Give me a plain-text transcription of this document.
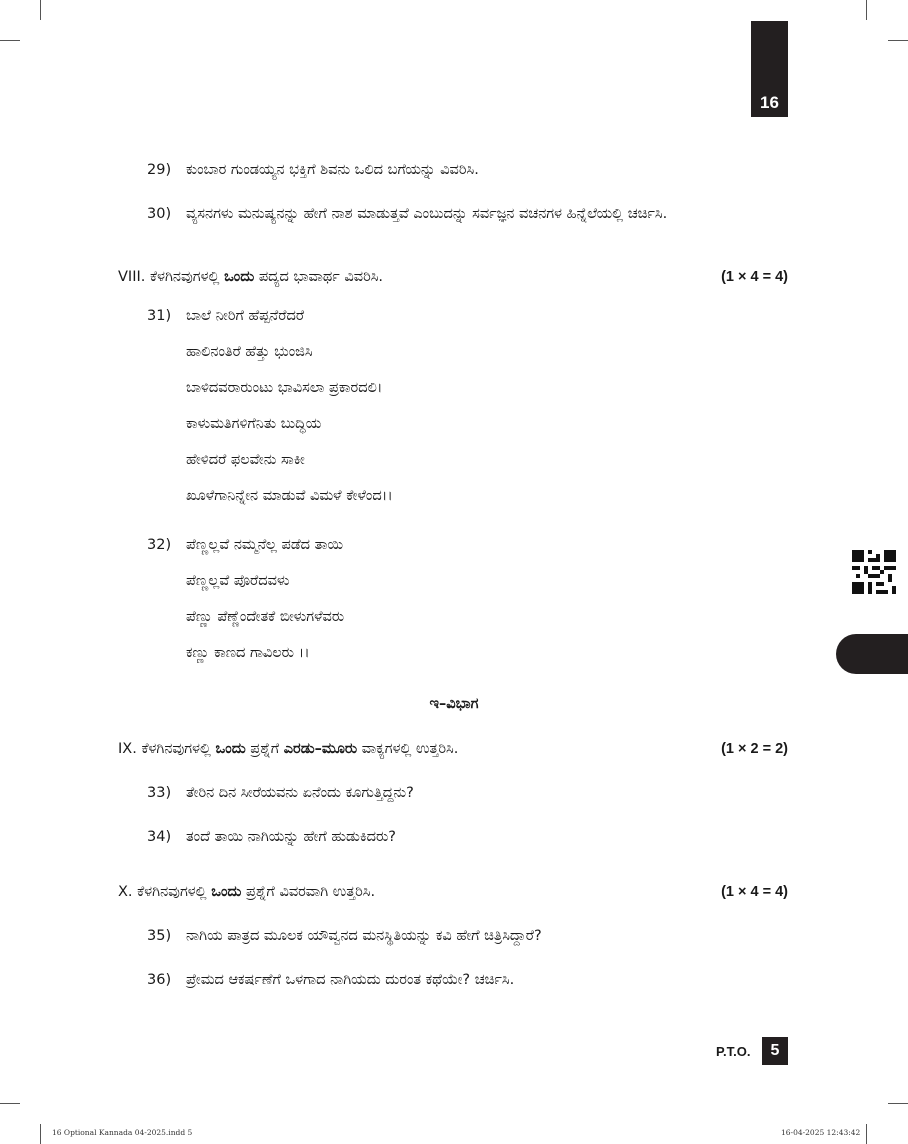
16
29) ಕುಂಬಾರ ಗುಂಡಯ್ಯನ ಭಕ್ತಿಗೆ ಶಿವನು ಒಲಿದ ಬಗೆಯನ್ನು ವಿವರಿಸಿ.
30) ವ್ಯಸನಗಳು ಮನುಷ್ಯನನ್ನು ಹೇಗೆ ನಾಶ ಮಾಡುತ್ತವೆ ಎಂಬುದನ್ನು ಸರ್ವಜ್ಞನ ವಚನಗಳ ಹಿನ್ನೆಲೆಯಲ್ಲಿ ಚರ್ಚಿಸಿ.
VIII. ಕೆಳಗಿನವುಗಳಲ್ಲಿ ಒಂದು ಪದ್ಯದ ಭಾವಾರ್ಥ ವಿವರಿಸಿ.	(1 × 4 = 4)
31) ಬಾಲೆ ನೀರಿಗೆ ಹೆಪ್ಪನೆರೆದರೆ
ಹಾಲಿನಂತಿರೆ ಹೆತ್ತು ಭುಂಜಿಸಿ
ಬಾಳಿದವರಾರುಂಟು ಭಾವಿಸಲಾ ಪ್ರಕಾರದಲಿ।
ಕಾಳುಮತಿಗಳಿಗೆನಿತು ಬುದ್ಧಿಯ
ಹೇಳಿದರೆ ಫಲವೇನು ಸಾಕೀ
ಖೂಳೆಗಾನಿನ್ನೇನ ಮಾಡುವೆ ವಿಮಳೆ ಕೇಳೆಂದ।।
32) ಪೆಣ್ಣಲ್ಲವೆ ನಮ್ಮನೆಲ್ಲ ಪಡೆದ ತಾಯಿ
ಪೆಣ್ಣಲ್ಲವೆ ಪೊರೆದವಳು
ಪೆಣ್ಣು ಪೆಣ್ಣೆಂದೇತಕೆ ಬೀಳುಗಳೆವರು
ಕಣ್ಣು ಕಾಣದ ಗಾವಿಲರು ।।
ಇ–ವಿಭಾಗ
IX. ಕೆಳಗಿನವುಗಳಲ್ಲಿ ಒಂದು ಪ್ರಶ್ನೆಗೆ ಎರಡು–ಮೂರು ವಾಕ್ಯಗಳಲ್ಲಿ ಉತ್ತರಿಸಿ.	(1 × 2 = 2)
33) ತೇರಿನ ದಿನ ಸೀರೆಯವನು ಏನೆಂದು ಕೂಗುತ್ತಿದ್ದನು?
34) ತಂದೆ ತಾಯಿ ನಾಗಿಯನ್ನು ಹೇಗೆ ಹುಡುಕಿದರು?
X. ಕೆಳಗಿನವುಗಳಲ್ಲಿ ಒಂದು ಪ್ರಶ್ನೆಗೆ ವಿವರವಾಗಿ ಉತ್ತರಿಸಿ.	(1 × 4 = 4)
35) ನಾಗಿಯ ಪಾತ್ರದ ಮೂಲಕ ಯೌವ್ವನದ ಮನಸ್ಥಿತಿಯನ್ನು ಕವಿ ಹೇಗೆ ಚಿತ್ರಿಸಿದ್ದಾರೆ?
36) ಪ್ರೇಮದ ಆಕರ್ಷಣೆಗೆ ಒಳಗಾದ ನಾಗಿಯದು ದುರಂತ ಕಥೆಯೇ? ಚರ್ಚಿಸಿ.
P.T.O.	5
16 Optional Kannada 04-2025.indd 5	16-04-2025 12:43:42
